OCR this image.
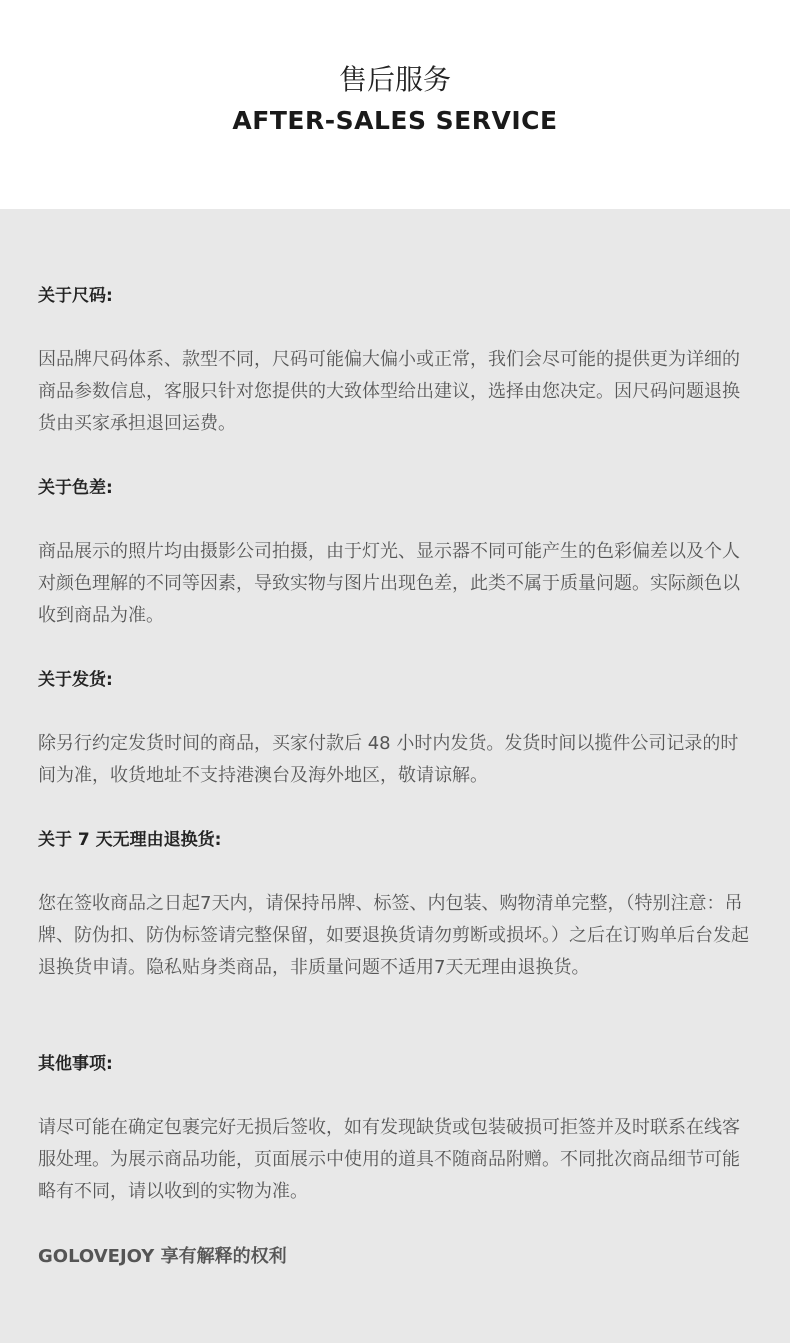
售后服务
AFTER-SALES SERVICE

关于尺码:

因品牌尺码体系、款型不同，尺码可能偏大偏小或正常，我们会尽可能的提供更为详细的商品参数信息，客服只针对您提供的大致体型给出建议，选择由您决定。因尺码问题退换货由买家承担退回运费。

关于色差:

商品展示的照片均由摄影公司拍摄，由于灯光、显示器不同可能产生的色彩偏差以及个人对颜色理解的不同等因素，导致实物与图片出现色差，此类不属于质量问题。实际颜色以收到商品为准。

关于发货:

除另行约定发货时间的商品，买家付款后 48 小时内发货。发货时间以揽件公司记录的时间为准，收货地址不支持港澳台及海外地区，敬请谅解。

关于 7 天无理由退换货:

您在签收商品之日起7天内，请保持吊牌、标签、内包装、购物清单完整，（特别注意：吊牌、防伪扣、防伪标签请完整保留，如要退换货请勿剪断或损坏。）之后在订购单后台发起退换货申请。隐私贴身类商品，非质量问题不适用7天无理由退换货。

其他事项:

请尽可能在确定包裹完好无损后签收，如有发现缺货或包装破损可拒签并及时联系在线客服处理。为展示商品功能，页面展示中使用的道具不随商品附赠。不同批次商品细节可能略有不同，请以收到的实物为准。

GOLOVEJOY 享有解释的权利
